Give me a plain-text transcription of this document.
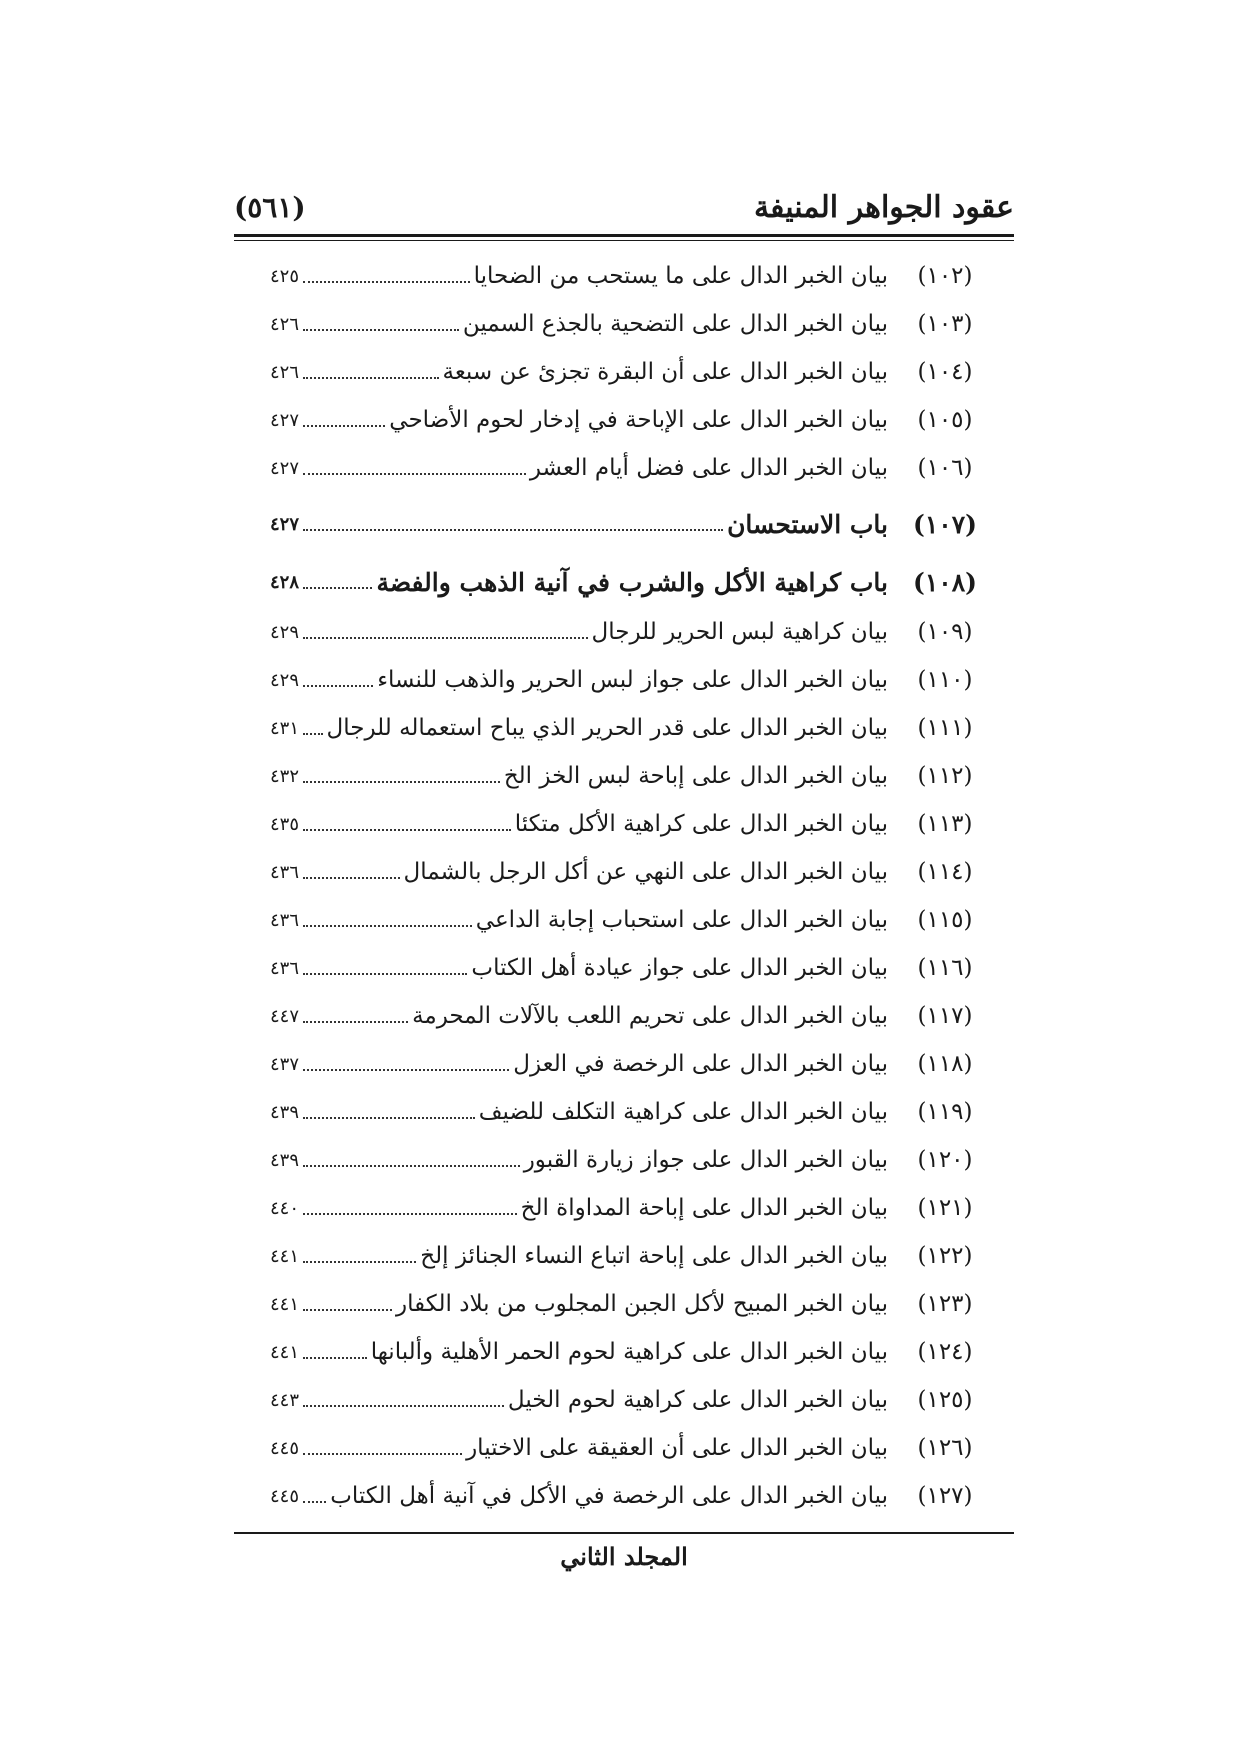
عقود الجواهر المنيفة
(٥٦١)
(١٠٢)
بيان الخبر الدال على ما يستحب من الضحايا
٤٢٥
(١٠٣)
بيان الخبر الدال على التضحية بالجذع السمين
٤٢٦
(١٠٤)
بيان الخبر الدال على أن البقرة تجزئ عن سبعة
٤٢٦
(١٠٥)
بيان الخبر الدال على الإباحة في إدخار لحوم الأضاحي
٤٢٧
(١٠٦)
بيان الخبر الدال على فضل أيام العشر
٤٢٧
(١٠٧)
باب الاستحسان
٤٢٧
(١٠٨)
باب كراهية الأكل والشرب في آنية الذهب والفضة
٤٢٨
(١٠٩)
بيان كراهية لبس الحرير للرجال
٤٢٩
(١١٠)
بيان الخبر الدال على جواز لبس الحرير والذهب للنساء
٤٢٩
(١١١)
بيان الخبر الدال على قدر الحرير الذي يباح استعماله للرجال
٤٣١
(١١٢)
بيان الخبر الدال على إباحة لبس الخز الخ
٤٣٢
(١١٣)
بيان الخبر الدال على كراهية الأكل متكئا
٤٣٥
(١١٤)
بيان الخبر الدال على النهي عن أكل الرجل بالشمال
٤٣٦
(١١٥)
بيان الخبر الدال على استحباب إجابة الداعي
٤٣٦
(١١٦)
بيان الخبر الدال على جواز عيادة أهل الكتاب
٤٣٦
(١١٧)
بيان الخبر الدال على تحريم اللعب بالآلات المحرمة
٤٤٧
(١١٨)
بيان الخبر الدال على الرخصة في العزل
٤٣٧
(١١٩)
بيان الخبر الدال على كراهية التكلف للضيف
٤٣٩
(١٢٠)
بيان الخبر الدال على جواز زيارة القبور
٤٣٩
(١٢١)
بيان الخبر الدال على إباحة المداواة الخ
٤٤٠
(١٢٢)
بيان الخبر الدال على إباحة اتباع النساء الجنائز إلخ
٤٤١
(١٢٣)
بيان الخبر المبيح لأكل الجبن المجلوب من بلاد الكفار
٤٤١
(١٢٤)
بيان الخبر الدال على كراهية لحوم الحمر الأهلية وألبانها
٤٤١
(١٢٥)
بيان الخبر الدال على كراهية لحوم الخيل
٤٤٣
(١٢٦)
بيان الخبر الدال على أن العقيقة على الاختيار
٤٤٥
(١٢٧)
بيان الخبر الدال على الرخصة في الأكل في آنية أهل الكتاب
٤٤٥
المجلد الثاني
